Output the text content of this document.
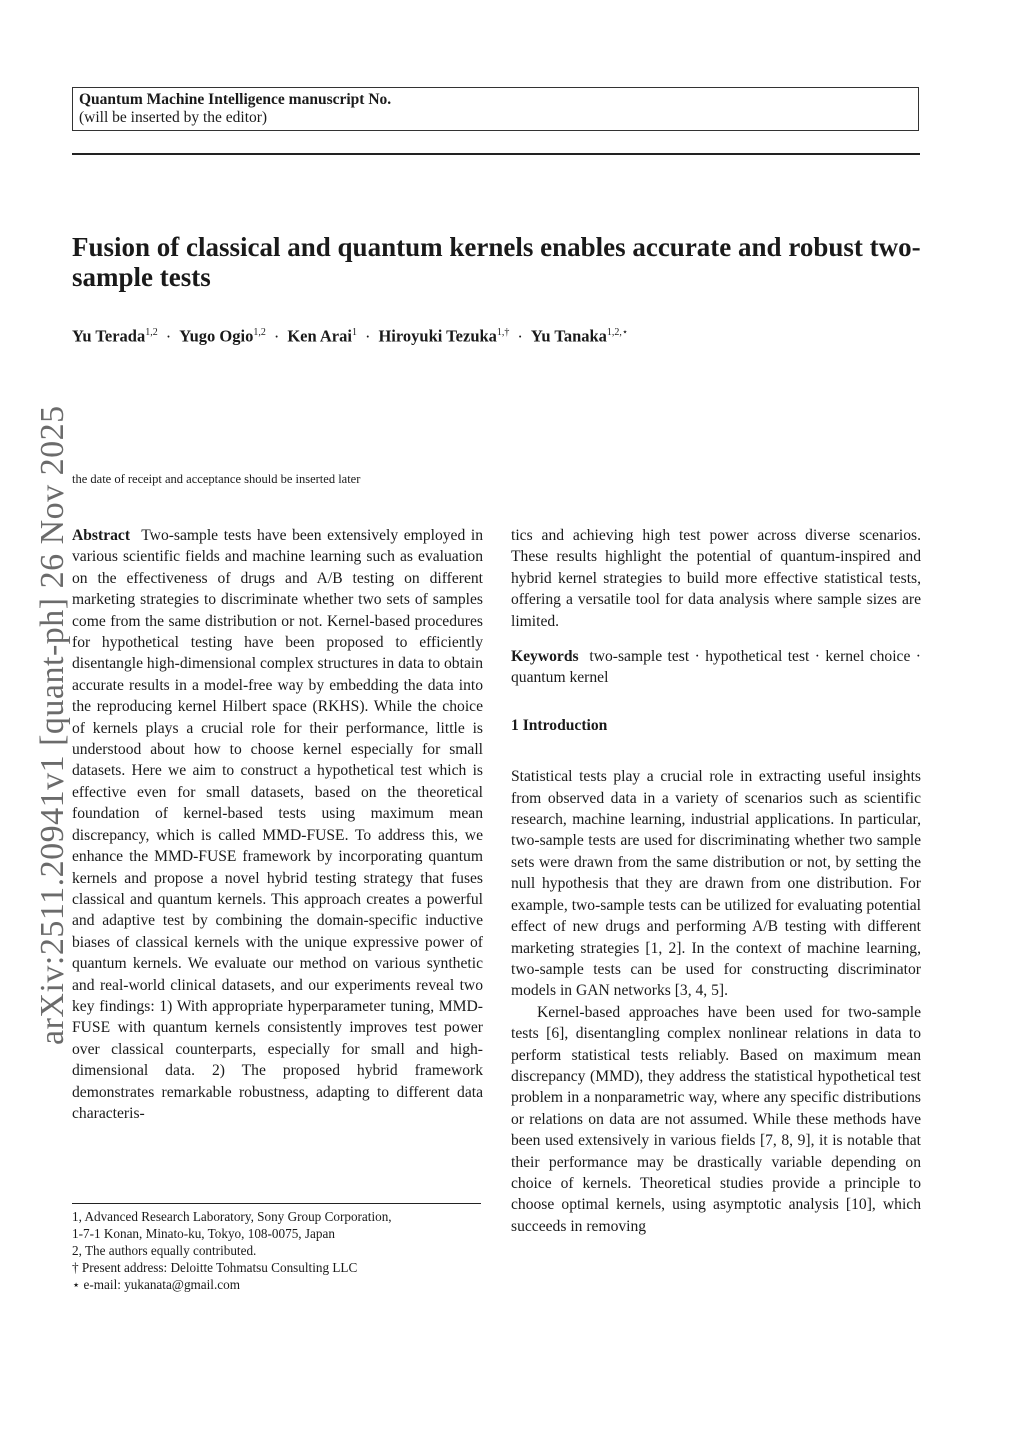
Quantum Machine Intelligence manuscript No.
(will be inserted by the editor)
arXiv:2511.20941v1 [quant-ph] 26 Nov 2025
Fusion of classical and quantum kernels enables accurate and robust two-sample tests
Yu Terada$^{1,2}$ · Yugo Ogio$^{1,2}$ · Ken Arai$^1$ · Hiroyuki Tezuka$^{1,\dagger}$ · Yu Tanaka$^{1,2,⋆}$
the date of receipt and acceptance should be inserted later

Abstract Two-sample tests have been extensively employed in various scientific fields and machine learning such as evaluation on the effectiveness of drugs and A/B testing on different marketing strategies to discriminate whether two sets of samples come from the same distribution or not. Kernel-based procedures for hypothetical testing have been proposed to efficiently disentangle high-dimensional complex structures in data to obtain accurate results in a model-free way by embedding the data into the reproducing kernel Hilbert space (RKHS). While the choice of kernels plays a crucial role for their performance, little is understood about how to choose kernel especially for small datasets. Here we aim to construct a hypothetical test which is effective even for small datasets, based on the theoretical foundation of kernel-based tests using maximum mean discrepancy, which is called MMD-FUSE. To address this, we enhance the MMD-FUSE framework by incorporating quantum kernels and propose a novel hybrid testing strategy that fuses classical and quantum kernels. This approach creates a powerful and adaptive test by combining the domain-specific inductive biases of classical kernels with the unique expressive power of quantum kernels. We evaluate our method on various synthetic and real-world clinical datasets, and our experiments reveal two key findings: 1) With appropriate hyperparameter tuning, MMD-FUSE with quantum kernels consistently improves test power over classical counterparts, especially for small and high-dimensional data. 2) The proposed hybrid framework demonstrates remarkable robustness, adapting to different data characteris-

tics and achieving high test power across diverse scenarios. These results highlight the potential of quantum-inspired and hybrid kernel strategies to build more effective statistical tests, offering a versatile tool for data analysis where sample sizes are limited.

Keywords two-sample test · hypothetical test · kernel choice · quantum kernel

1 Introduction

Statistical tests play a crucial role in extracting useful insights from observed data in a variety of scenarios such as scientific research, machine learning, industrial applications. In particular, two-sample tests are used for discriminating whether two sample sets were drawn from the same distribution or not, by setting the null hypothesis that they are drawn from one distribution. For example, two-sample tests can be utilized for evaluating potential effect of new drugs and performing A/B testing with different marketing strategies [1, 2]. In the context of machine learning, two-sample tests can be used for constructing discriminator models in GAN networks [3, 4, 5].

Kernel-based approaches have been used for two-sample tests [6], disentangling complex nonlinear relations in data to perform statistical tests reliably. Based on maximum mean discrepancy (MMD), they address the statistical hypothetical test problem in a nonparametric way, where any specific distributions or relations on data are not assumed. While these methods have been used extensively in various fields [7, 8, 9], it is notable that their performance may be drastically variable depending on choice of kernels. Theoretical studies provide a principle to choose optimal kernels, using asymptotic analysis [10], which succeeds in removing

1, Advanced Research Laboratory, Sony Group Corporation,
1-7-1 Konan, Minato-ku, Tokyo, 108-0075, Japan
2, The authors equally contributed.
† Present address: Deloitte Tohmatsu Consulting LLC
⋆ e-mail: yukanata@gmail.com
